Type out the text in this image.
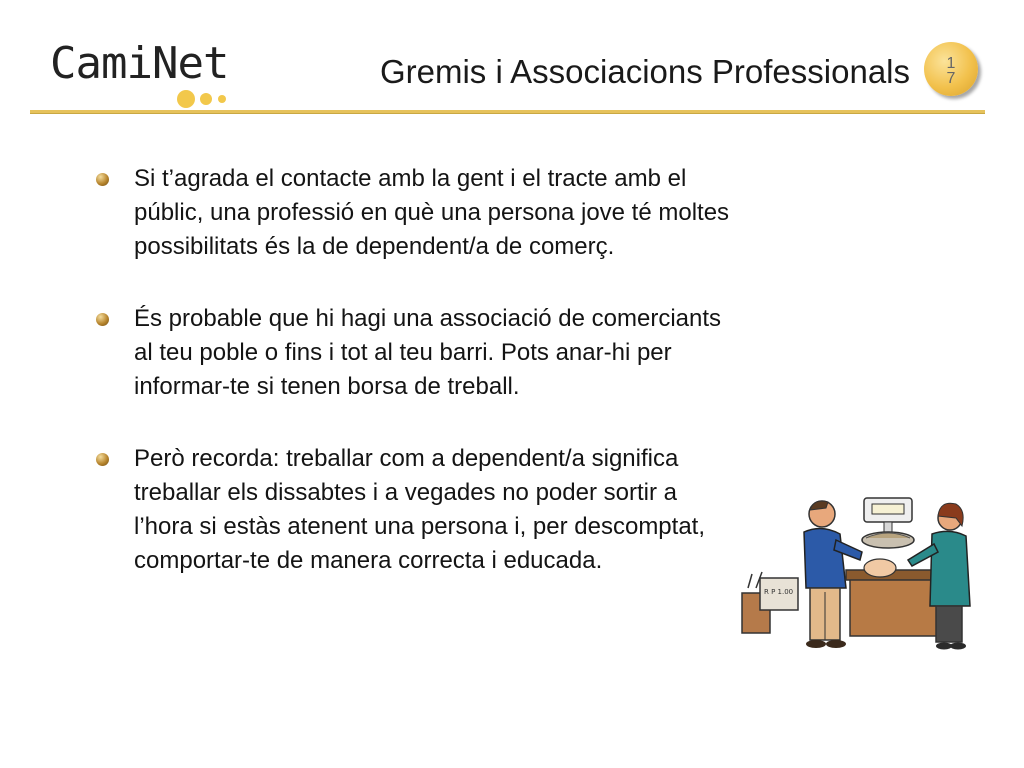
CamiNet	Gremis i Associacions Professionals 17
Si t’agrada el contacte amb la gent i el tracte amb el públic, una professió en què una persona jove té moltes possibilitats és la de dependent/a de comerç.
És probable que hi hagi una associació de comerciants al teu poble o fins i tot al teu barri. Pots anar-hi per informar-te si tenen borsa de treball.
Però recorda: treballar com a dependent/a significa treballar els dissabtes i a vegades no poder sortir a l’hora si estàs atenent una persona i, per descomptat, comportar-te de manera correcta i educada.
R P 1.00
